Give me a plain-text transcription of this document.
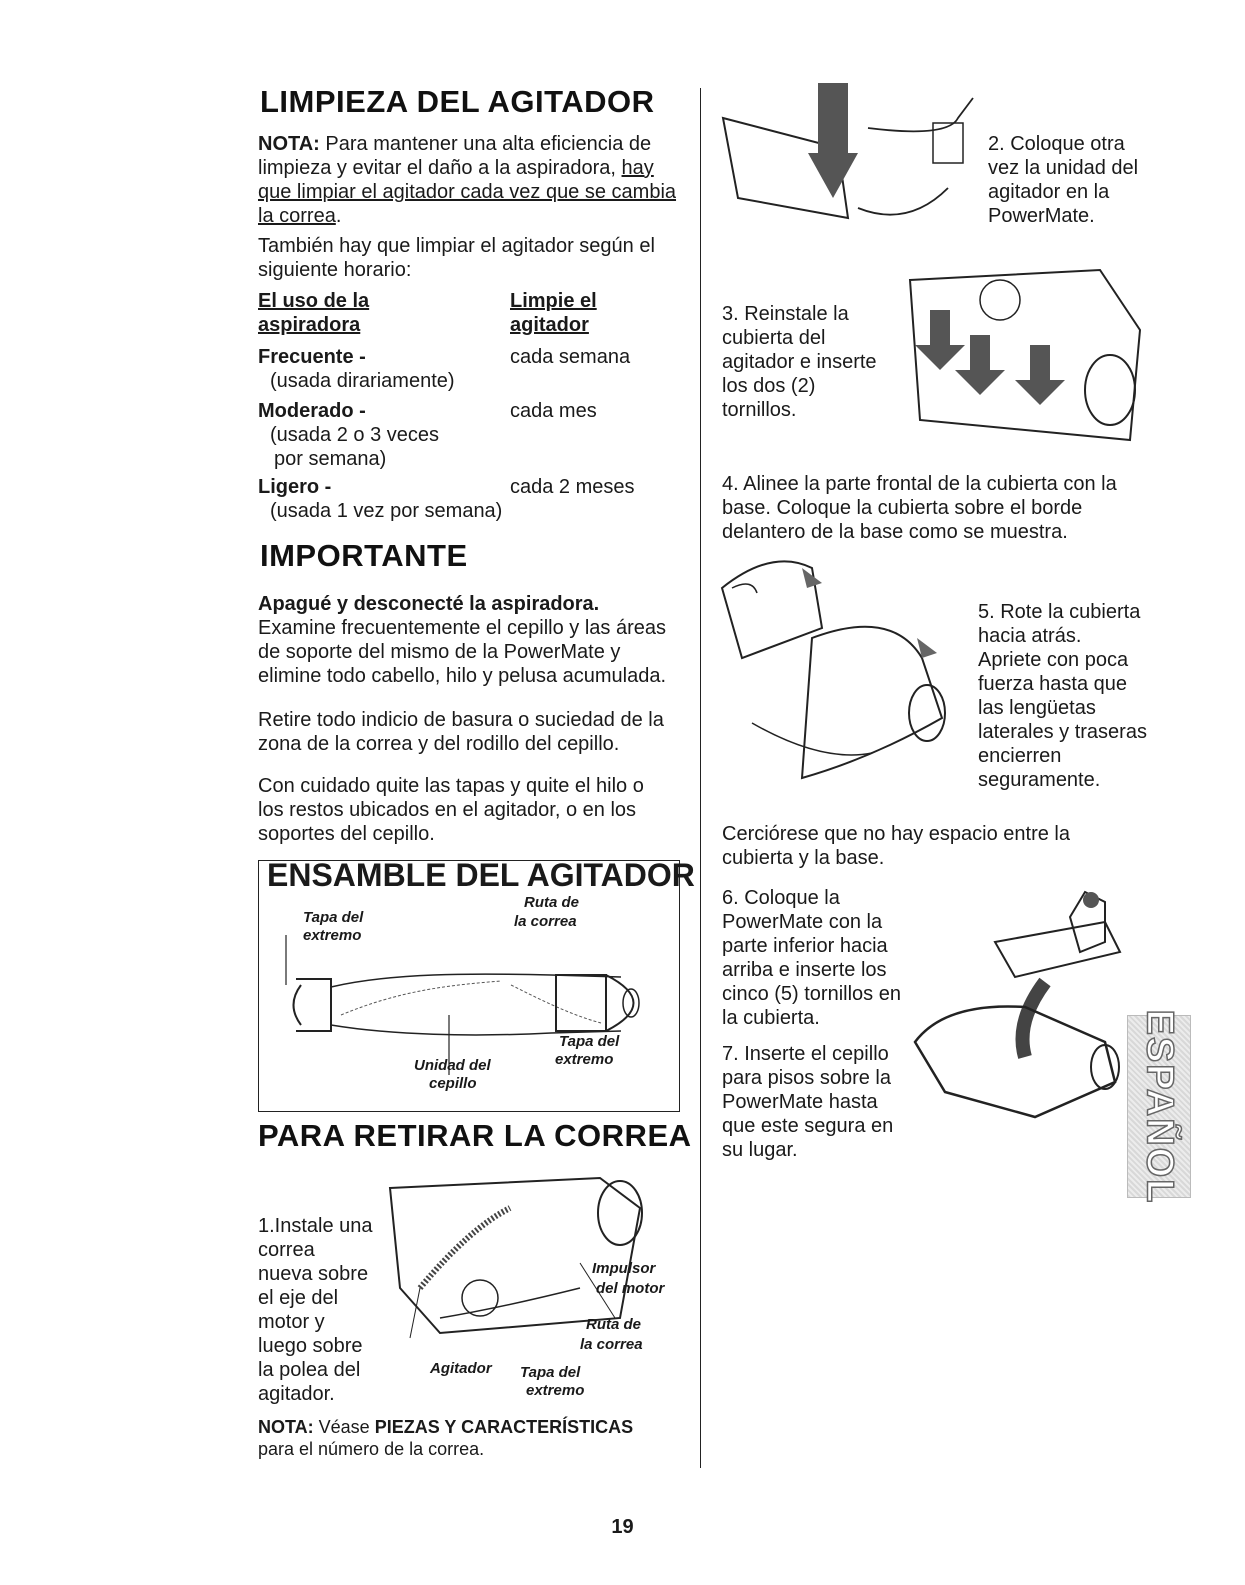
LIMPIEZA DEL AGITADOR

NOTA: Para mantener una alta eficiencia de limpieza y evitar el daño a la aspiradora, hay que limpiar el agitador cada vez que se cambia la correa.

También hay que limpiar el agitador según el siguiente horario:

El uso de la
aspiradora
Limpie el
agitador
Frecuente -
(usada dirariamente)
cada semana
Moderado -
(usada 2 o 3 veces
por semana)
cada mes
Ligero -
(usada 1 vez por semana)
cada 2 meses
IMPORTANTE

Apagué y desconecté la aspiradora. Examine frecuentemente el cepillo y las áreas de soporte del mismo de la PowerMate y elimine todo cabello, hilo y pelusa acumulada.

Retire todo indicio de basura o suciedad de la zona de la correa y del rodillo del cepillo.

Con cuidado quite las tapas y quite el hilo o los restos ubicados en el agitador, o en los soportes del cepillo.

ENSAMBLE DEL AGITADOR
Tapa del
extremo
Ruta de
la correa
Tapa del
extremo
Unidad del
cepillo
PARA RETIRAR LA CORREA

1.Instale una correa nueva sobre el eje del motor y luego sobre la polea del agitador.

Impulsor
del motor
Ruta de
la correa
Agitador Tapa del
extremo

NOTA: Véase PIEZAS Y CARACTERÍSTICAS
para el número de la correa.

2. Coloque otra vez la unidad del agitador en la PowerMate.

3. Reinstale la cubierta del agitador e inserte los dos (2) tornillos.

4. Alinee la parte frontal de la cubierta con la base. Coloque la cubierta sobre el borde delantero de la base como se muestra.

5. Rote la cubierta hacia atrás. Apriete con poca fuerza hasta que las lengüetas laterales y traseras encierren seguramente.

Cerciórese que no hay espacio entre la cubierta y la base.

6. Coloque la PowerMate con la parte inferior hacia arriba e inserte los cinco (5) tornillos en la cubierta.

7. Inserte el cepillo para pisos sobre la PowerMate hasta que este segura en su lugar.	ESPAÑOL
19
